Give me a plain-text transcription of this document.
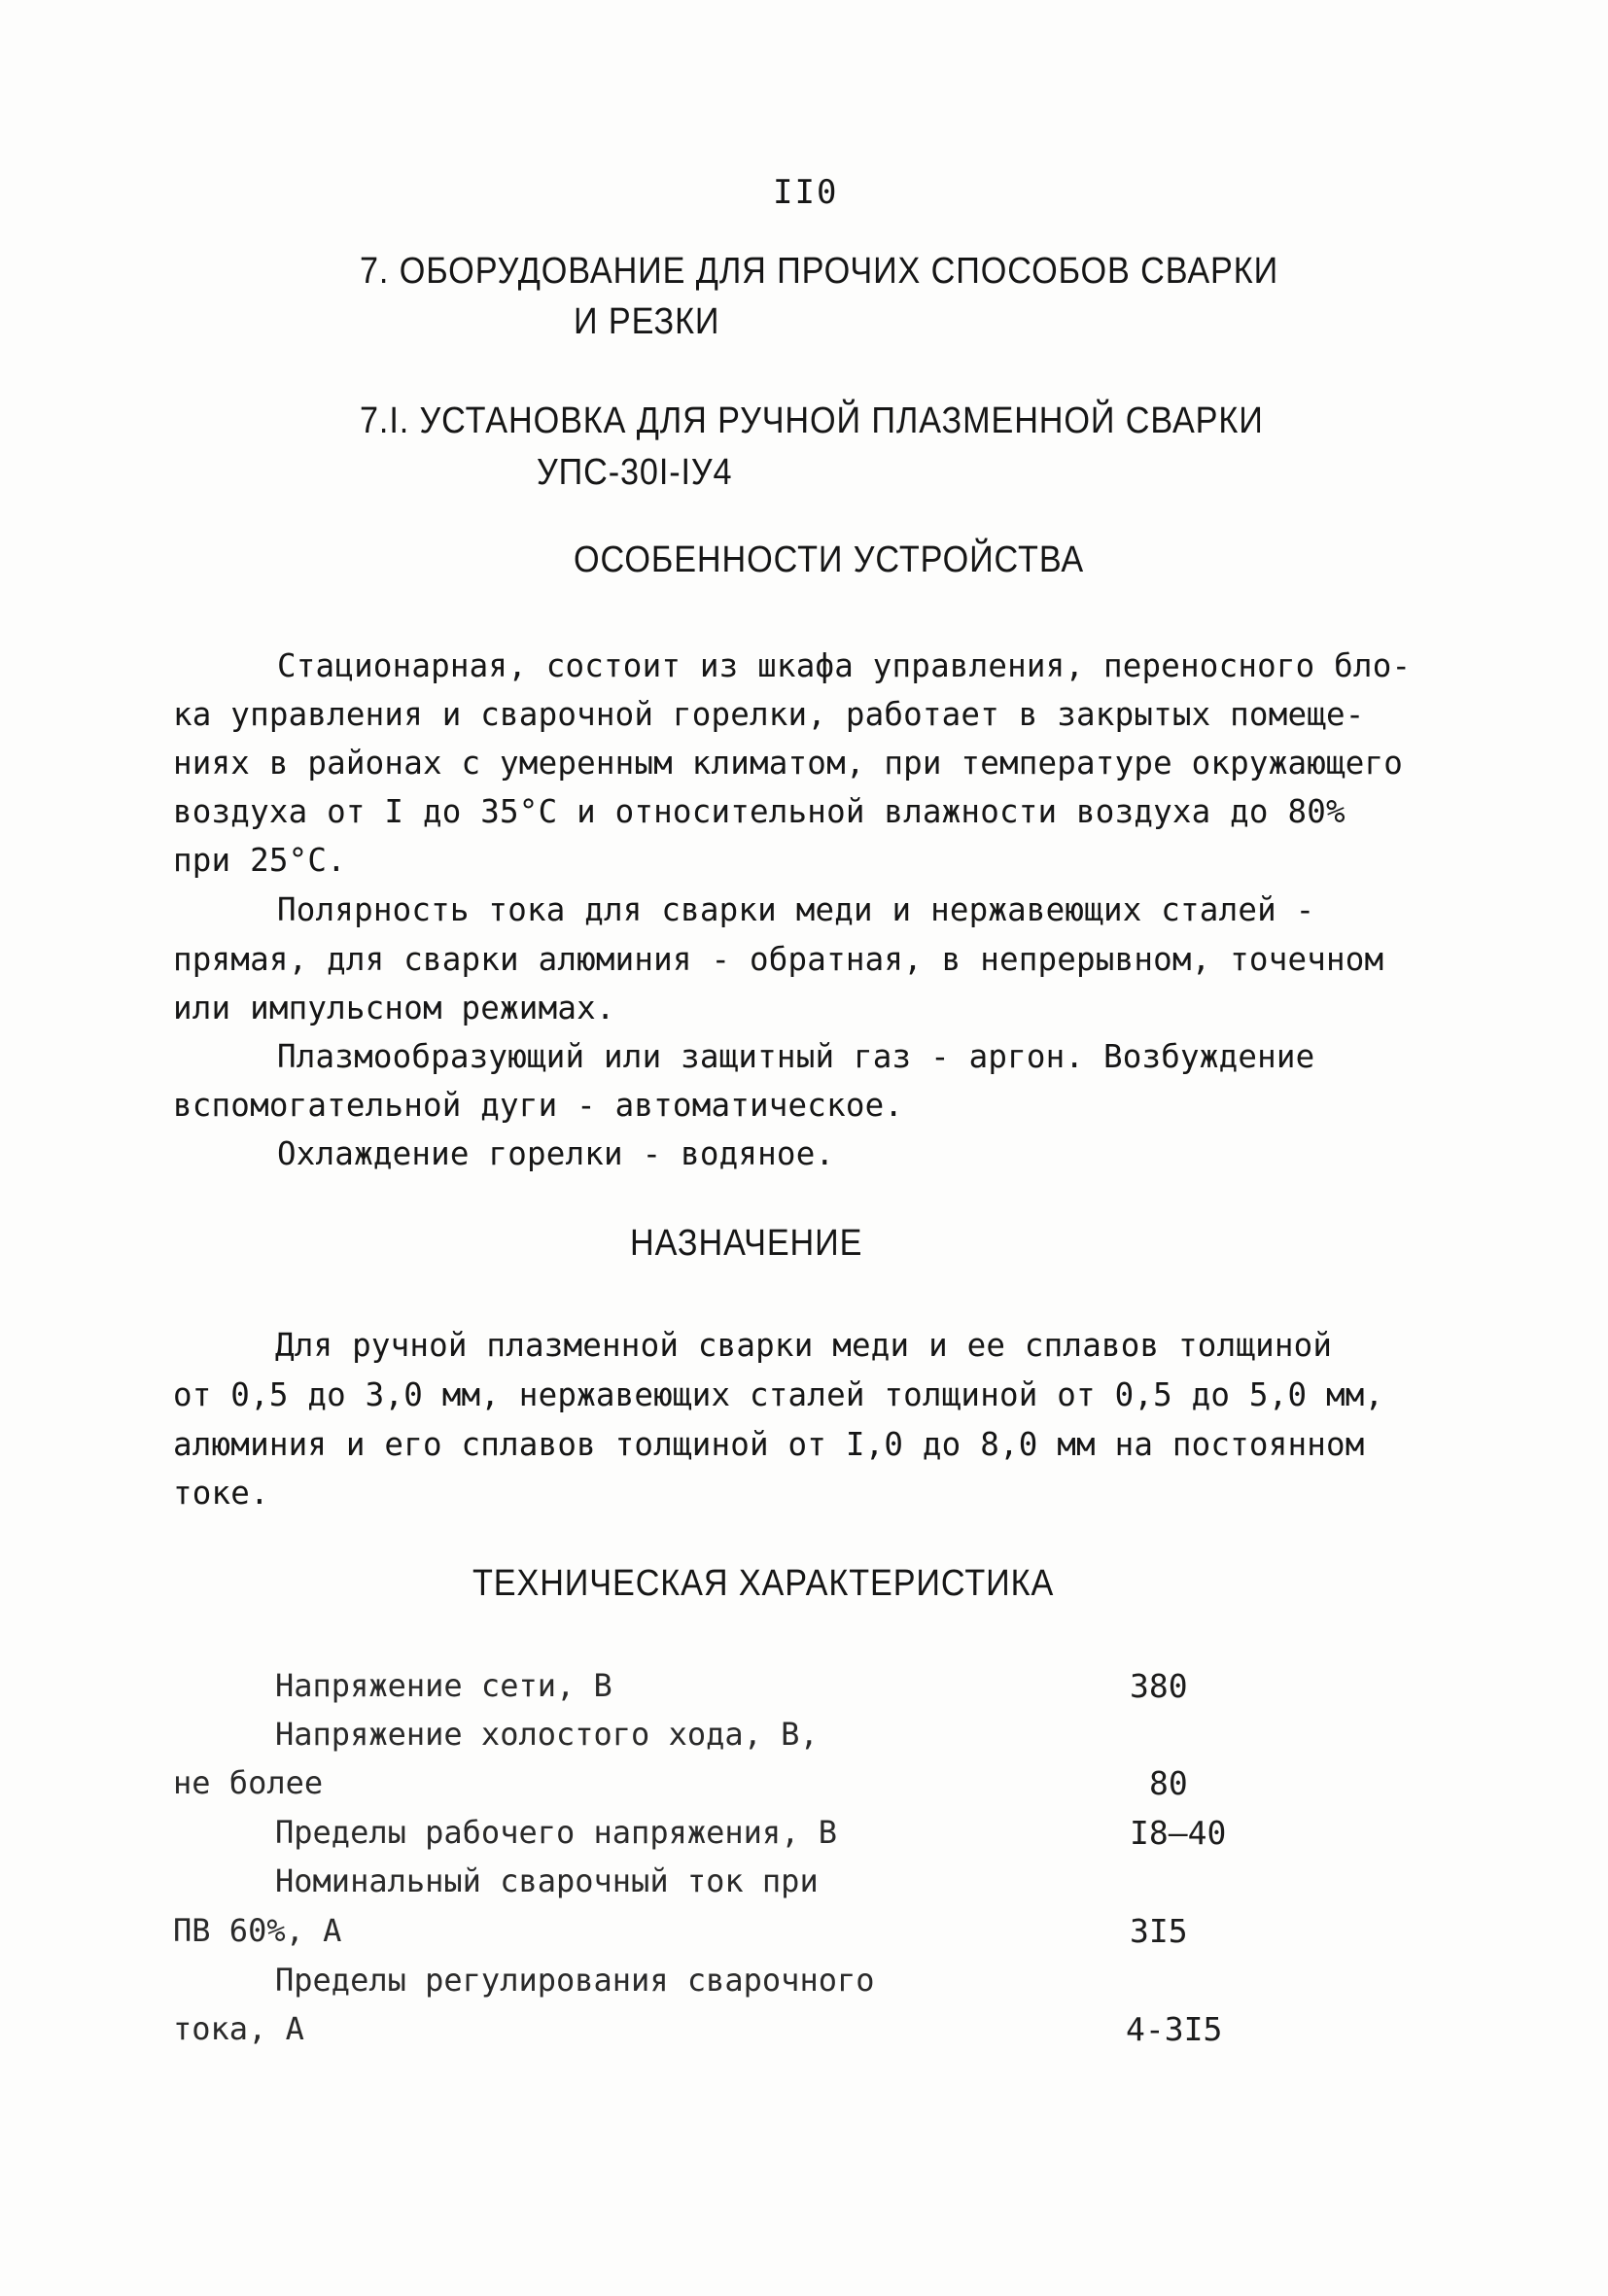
II0
7. ОБОРУДОВАНИЕ ДЛЯ ПРОЧИХ СПОСОБОВ СВАРКИ
И РЕЗКИ
7.I. УСТАНОВКА ДЛЯ РУЧНОЙ ПЛАЗМЕННОЙ СВАРКИ
УПС-30I-IУ4
ОСОБЕННОСТИ УСТРОЙСТВА
Стационарная, состоит из шкафа управления, переносного бло-
ка управления и сварочной горелки, работает в закрытых помеще-
ниях в районах с умеренным климатом, при температуре окружающего
воздуха от I до 35°С и относительной влажности воздуха до 80%
при 25°С.
Полярность тока для сварки меди и нержавеющих сталей -
прямая, для сварки алюминия - обратная, в непрерывном, точечном
или импульсном режимах.
Плазмообразующий или защитный газ - аргон. Возбуждение
вспомогательной дуги - автоматическое.
Охлаждение горелки - водяное.
НАЗНАЧЕНИЕ
Для ручной плазменной сварки меди и ее сплавов толщиной
от 0,5 до 3,0 мм, нержавеющих сталей толщиной от 0,5 до 5,0 мм,
алюминия и его сплавов толщиной от I,0 до 8,0 мм на постоянном
токе.
ТЕХНИЧЕСКАЯ ХАРАКТЕРИСТИКА
Напряжение сети, В	380
Напряжение холостого хода, В,
не более	80
Пределы рабочего напряжения, В	I8–40
Номинальный сварочный ток при
ПВ 60%, А	3I5
Пределы регулирования сварочного
тока, А	4-3I5
